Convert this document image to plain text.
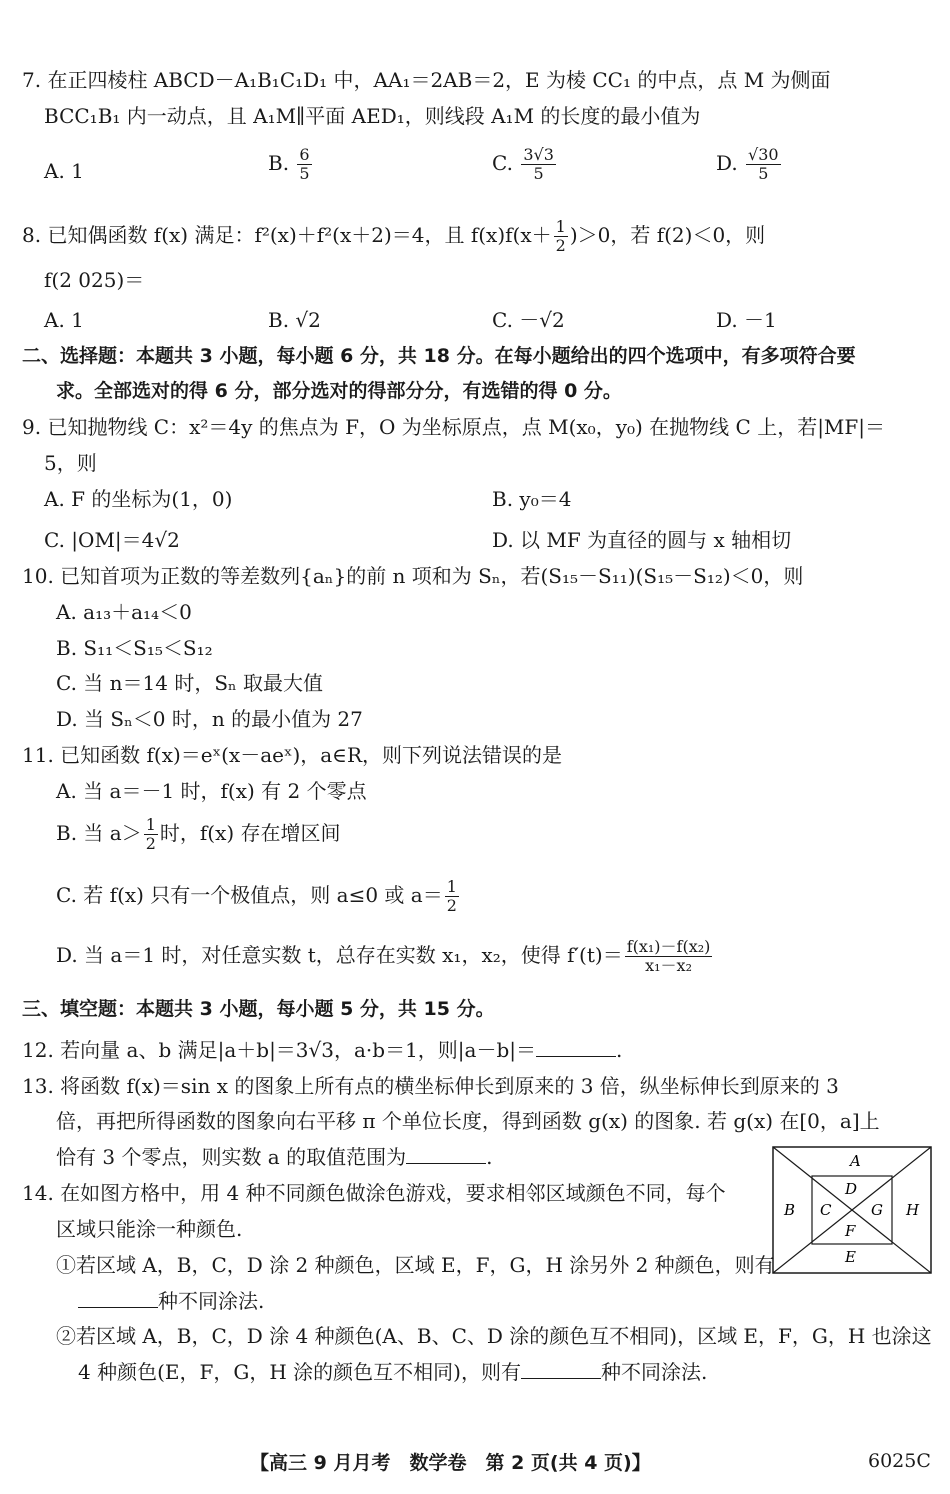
7. 在正四棱柱 ABCD－A₁B₁C₁D₁ 中，AA₁＝2AB＝2，E 为棱 CC₁ 的中点，点 M 为侧面
BCC₁B₁ 内一动点，且 A₁M∥平面 AED₁，则线段 A₁M 的长度的最小值为
A. 1	B. $\frac{6}{5}$	C. $\frac{3√3}{5}$	D. $\frac{√30}{5}$
8. 已知偶函数 f(x) 满足：f²(x)＋f²(x＋2)＝4，且 $f(x)f(x+ \frac{1}{2} )>0$，若 f(2)＜0，则
f(2 025)＝
A. 1	B. √2	C. －√2	D. －1
二、选择题：本题共 3 小题，每小题 6 分，共 18 分。在每小题给出的四个选项中，有多项符合要
求。全部选对的得 6 分，部分选对的得部分分，有选错的得 0 分。
9. 已知抛物线 C：x²＝4y 的焦点为 F，O 为坐标原点，点 M(x₀，y₀) 在抛物线 C 上，若|MF|＝
5，则
A. F 的坐标为(1，0)	B. y₀＝4
C. |OM|＝4√2	D. 以 MF 为直径的圆与 x 轴相切
10. 已知首项为正数的等差数列{aₙ}的前 n 项和为 Sₙ，若(S₁₅－S₁₁)(S₁₅－S₁₂)＜0，则
A. a₁₃＋a₁₄＜0
B. S₁₁＜S₁₅＜S₁₂
C. 当 n＝14 时，Sₙ 取最大值
D. 当 Sₙ＜0 时，n 的最小值为 27
11. 已知函数 f(x)＝eˣ(x－aeˣ)，a∈R，则下列说法错误的是
A. 当 a＝－1 时，f(x) 有 2 个零点
B. 当 $a> \frac{1}{2}$ 时，f(x) 存在增区间
C. 若 f(x) 只有一个极值点，则 a≤0 或 $a= \frac{1}{2}$
D. 当 a＝1 时，对任意实数 t，总存在实数 x₁，x₂，使得 $f'(t)= \frac{\text{f(x₁)－f(x₂)}}{\text{x₁－x₂}}$
三、填空题：本题共 3 小题，每小题 5 分，共 15 分。
12. 若向量 a、b 满足|a＋b|＝3√3，a·b＝1，则|a－b|＝	.
13. 将函数 f(x)＝sin x 的图象上所有点的横坐标伸长到原来的 3 倍，纵坐标伸长到原来的 3
倍，再把所得函数的图象向右平移 π 个单位长度，得到函数 g(x) 的图象. 若 g(x) 在[0，a]上
恰有 3 个零点，则实数 a 的取值范围为	.
14. 在如图方格中，用 4 种不同颜色做涂色游戏，要求相邻区域颜色不同，每个
区域只能涂一种颜色.
①若区域 A，B，C，D 涂 2 种颜色，区域 E，F，G，H 涂另外 2 种颜色，则有
种不同涂法.
②若区域 A，B，C，D 涂 4 种颜色(A、B、C、D 涂的颜色互不相同)，区域 E，F，G，H 也涂这
4 种颜色(E，F，G，H 涂的颜色互不相同)，则有	种不同涂法.
A
B C
D
E
F
G H
【高三 9 月月考　数学卷　第 2 页(共 4 页)】	6025C
